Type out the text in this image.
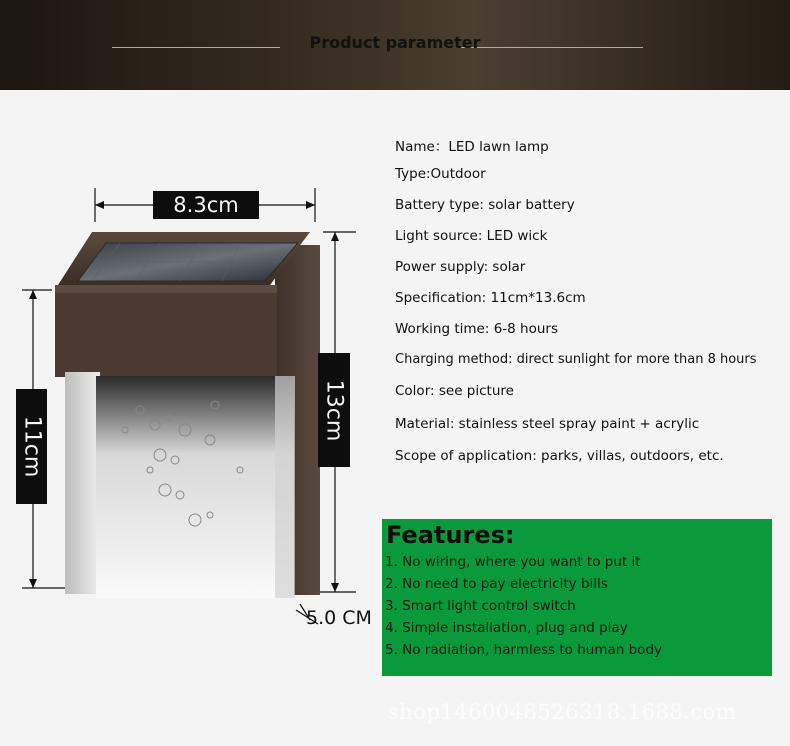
Product parameter
8.3cm
11cm
13cm
5.0 CM
Name：LED lawn lamp
Type:Outdoor
Battery type: solar battery
Light source: LED wick
Power supply: solar
Specification: 11cm*13.6cm
Working time: 6-8 hours
Charging method: direct sunlight for more than 8 hours
Color: see picture
Material: stainless steel spray paint + acrylic
Scope of application: parks, villas, outdoors, etc.
Features:
1. No wiring, where you want to put it
2. No need to pay electricity bills
3. Smart light control switch
4. Simple installation, plug and play
5. No radiation, harmless to human body
shop1460048526318.1688.com
